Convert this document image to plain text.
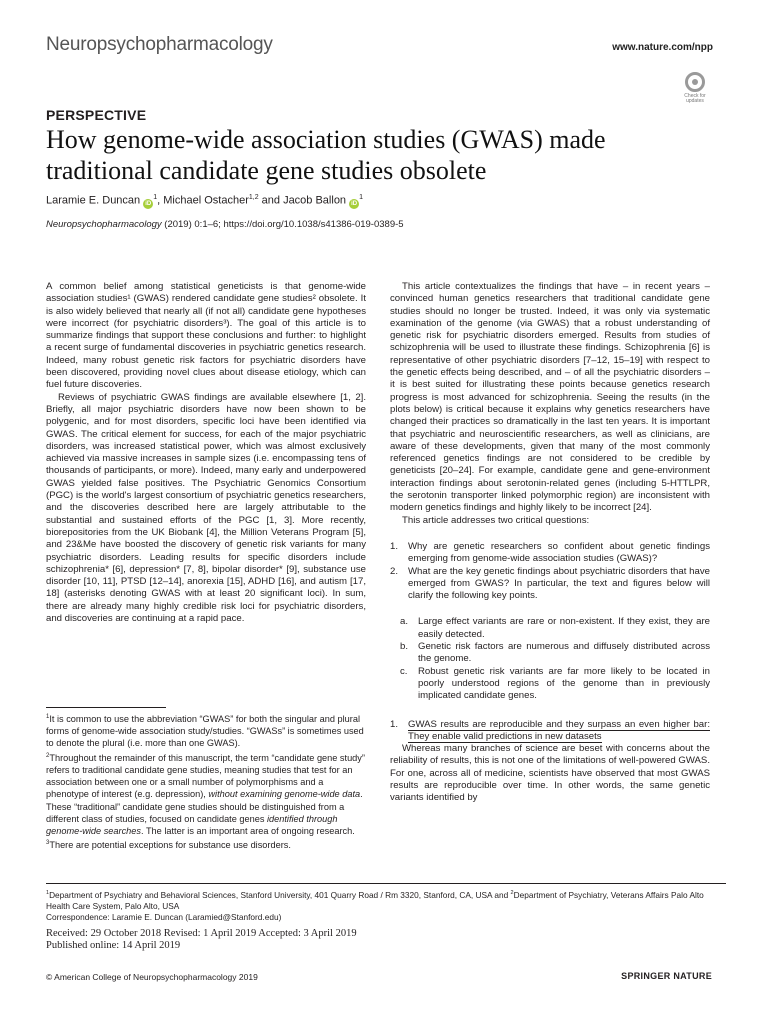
Neuropsychopharmacology	www.nature.com/npp
Check for updates
PERSPECTIVE
How genome-wide association studies (GWAS) made traditional candidate gene studies obsolete
Laramie E. Duncan $iD^1$, Michael Ostacher$^{1,2}$ and Jacob Ballon $iD^1$
Neuropsychopharmacology (2019) 0:1–6; https://doi.org/10.1038/s41386-019-0389-5

A common belief among statistical geneticists is that genome-wide association studies¹ (GWAS) rendered candidate gene studies² obsolete. It is also widely believed that nearly all (if not all) candidate gene hypotheses were incorrect (for psychiatric disorders³). The goal of this article is to summarize findings that support these conclusions and further: to highlight a recent surge of fundamental discoveries in psychiatric genetics research. Indeed, many robust genetic risk factors for psychiatric disorders have been discovered, providing novel clues about disease etiology, which can fuel future discoveries.

Reviews of psychiatric GWAS findings are available elsewhere [1, 2]. Briefly, all major psychiatric disorders have now been shown to be polygenic, and for most disorders, specific loci have been identified via GWAS. The critical element for success, for each of the major psychiatric disorders, was increased statistical power, which was almost exclusively achieved via massive increases in sample sizes (i.e. encompassing tens of thousands of participants, or more). Indeed, many early and underpowered GWAS yielded false positives. The Psychiatric Genomics Consortium (PGC) is the world's largest consortium of psychiatric genetics researchers, and the discoveries described here are largely attributable to the substantial and sustained efforts of the PGC [1, 3]. More recently, biorepositories from the UK Biobank [4], the Million Veterans Program [5], and 23&Me have boosted the discovery of genetic risk variants for many psychiatric disorders. Leading results for specific disorders include schizophrenia* [6], depression* [7, 8], bipolar disorder* [9], substance use disorder [10, 11], PTSD [12–14], anorexia [15], ADHD [16], and autism [17, 18] (asterisks denoting GWAS with at least 20 significant loci). In sum, there are already many highly credible risk loci for psychiatric disorders, and discoveries are continuing at a rapid pace.

$^1$It is common to use the abbreviation “GWAS” for both the singular and plural forms of genome-wide association study/studies. “GWASs” is sometimes used to denote the plural (i.e. more than one GWAS).

$^2$Throughout the remainder of this manuscript, the term “candidate gene study” refers to traditional candidate gene studies, meaning studies that test for an association between one or a small number of polymorphisms and a phenotype of interest (e.g. depression), without examining genome-wide data. These “traditional” candidate gene studies should be distinguished from a different class of studies, focused on candidate genes identified through genome-wide searches. The latter is an important area of ongoing research.

$^3$There are potential exceptions for substance use disorders.

This article contextualizes the findings that have – in recent years – convinced human genetics researchers that traditional candidate gene studies should no longer be trusted. Indeed, it was only via systematic examination of the genome (via GWAS) that a robust understanding of genetic risk for psychiatric disorders emerged. Results from studies of schizophrenia will be used to illustrate these findings. Schizophrenia [6] is representative of other psychiatric disorders [7–12, 15–19] with respect to the genetic effects being described, and – of all the psychiatric disorders – it is best suited for illustrating these points because genetics research progress is most advanced for schizophrenia. Seeing the results (in the plots below) is critical because it explains why genetics researchers have changed their practices so dramatically in the last ten years. It is important that psychiatric and neuroscientific researchers, as well as clinicians, are aware of these developments, given that many of the most commonly referenced genetics findings are not considered to be credible by geneticists [20–24]. For example, candidate gene and gene-environment interaction findings about serotonin-related genes (including 5-HTTLPR, the serotonin transporter linked polymorphic region) are inconsistent with modern genetics findings and highly likely to be incorrect [24].

This article addresses two critical questions:

1.	Why are genetic researchers so confident about genetic findings emerging from genome-wide association studies (GWAS)?
2.	What are the key genetic findings about psychiatric disorders that have emerged from GWAS? In particular, the text and figures below will clarify the following key points.
a.	Large effect variants are rare or non-existent. If they exist, they are easily detected.
b.	Genetic risk factors are numerous and diffusely distributed across the genome.
c.	Robust genetic risk variants are far more likely to be located in poorly understood regions of the genome than in previously implicated candidate genes.
1.	GWAS results are reproducible and they surpass an even higher bar: They enable valid predictions in new datasets

Whereas many branches of science are beset with concerns about the reliability of results, this is not one of the limitations of well-powered GWAS. For one, across all of medicine, scientists have observed that most GWAS results are reproducible over time. In other words, the same genetic variants identified by

$^1$Department of Psychiatry and Behavioral Sciences, Stanford University, 401 Quarry Road / Rm 3320, Stanford, CA, USA and $^2$Department of Psychiatry, Veterans Affairs Palo Alto Health Care System, Palo Alto, USA
Correspondence: Laramie E. Duncan (Laramied@Stanford.edu)
Received: 29 October 2018 Revised: 1 April 2019 Accepted: 3 April 2019
Published online: 14 April 2019
© American College of Neuropsychopharmacology 2019	SPRINGER NATURE
